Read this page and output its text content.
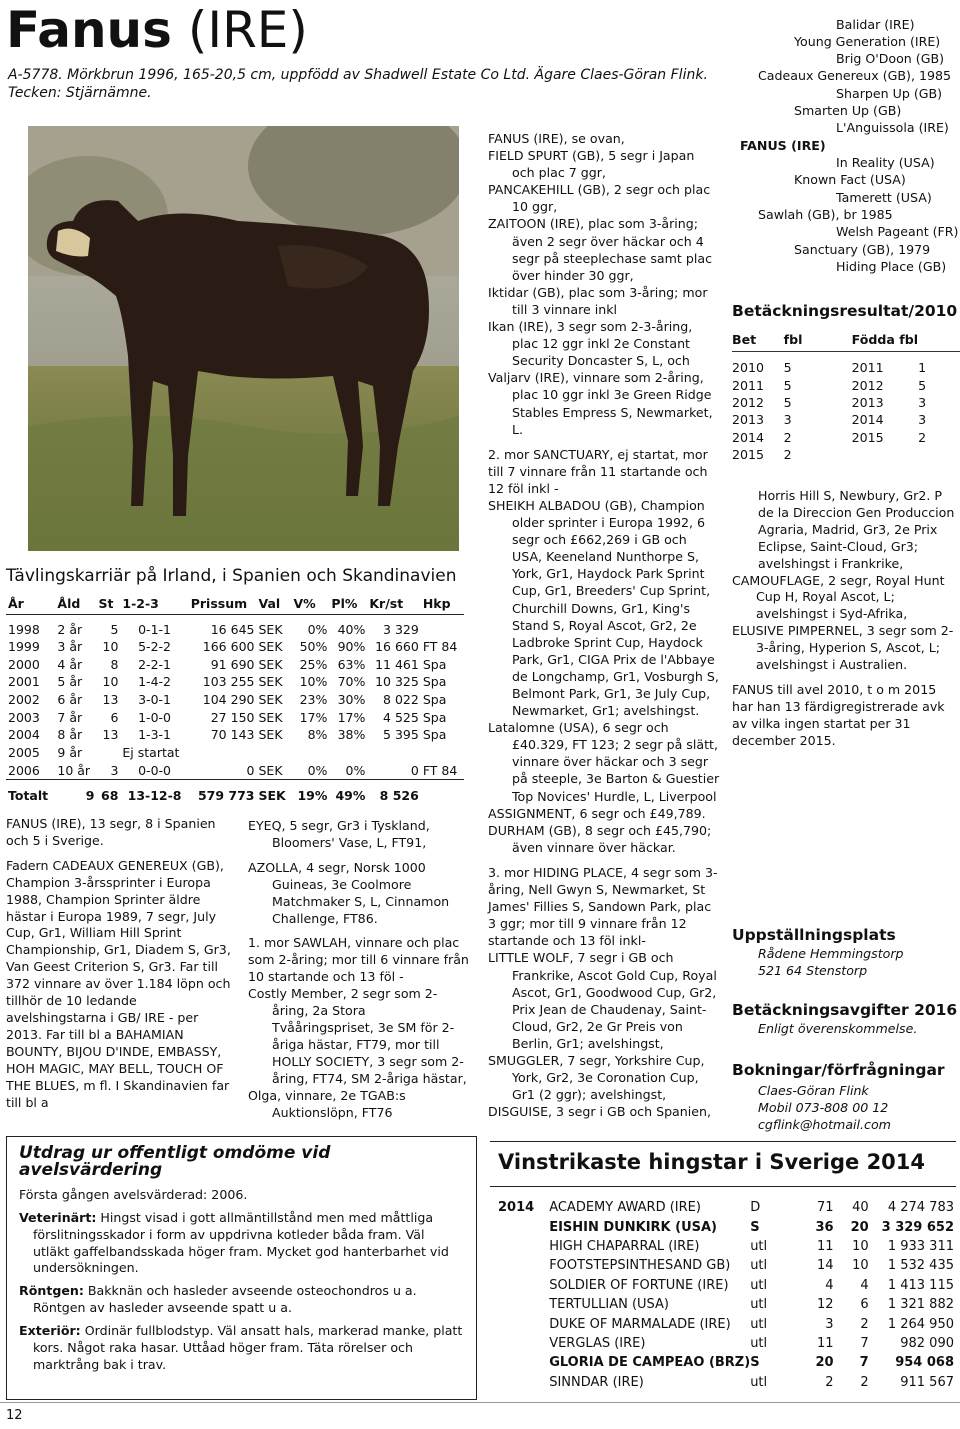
Fanus (IRE)
A-5778. Mörkbrun 1996, 165-20,5 cm, uppfödd av Shadwell Estate Co Ltd. Ägare Claes-Göran Flink. Tecken: Stjärnämne.
Tävlingskarriär på Irland, i Spanien och Skandinavien
År	Åld	St	1-2-3	Prissum	Val	V%	Pl%	Kr/st	Hkp
1998	2 år	5	0-1-1	16 645	SEK	0%	40%	3 329	
1999	3 år	10	5-2-2	166 600	SEK	50%	90%	16 660	FT 84
2000	4 år	8	2-2-1	91 690	SEK	25%	63%	11 461	Spa
2001	5 år	10	1-4-2	103 255	SEK	10%	70%	10 325	Spa
2002	6 år	13	3-0-1	104 290	SEK	23%	30%	8 022	Spa
2003	7 år	6	1-0-0	27 150	SEK	17%	17%	4 525	Spa
2004	8 år	13	1-3-1	70 143	SEK	8%	38%	5 395	Spa
2005	9 år		Ej startat						
2006	10 år	3	0-0-0	0	SEK	0%	0%	0	FT 84
Totalt	9	68	13-12-8	579 773	SEK	19%	49%	8 526	

FANUS (IRE), 13 segr, 8 i Spanien och 5 i Sverige.

Fadern CADEAUX GENEREUX (GB), Champion 3-årssprinter i Europa 1988, Champion Sprinter äldre hästar i Europa 1989, 7 segr, July Cup, Gr1, William Hill Sprint Championship, Gr1, Diadem S, Gr3, Van Geest Criterion S, Gr3. Far till 372 vinnare av över 1.184 löpn och tillhör de 10 ledande avelshingstarna i GB/ IRE - per 2013. Far till bl a BAHAMIAN BOUNTY, BIJOU D'INDE, EMBASSY, HOH MAGIC, MAY BELL, TOUCH OF THE BLUES, m fl. I Skandinavien far till bl a

EYEQ, 5 segr, Gr3 i Tyskland, Bloomers' Vase, L, FT91,

AZOLLA, 4 segr, Norsk 1000 Guineas, 3e Coolmore Matchmaker S, L, Cinnamon Challenge, FT86.

1. mor SAWLAH, vinnare och plac som 2-åring; mor till 6 vinnare från 10 startande och 13 föl -

Costly Member, 2 segr som 2-åring, 2a Stora Tvååringspriset, 3e SM för 2-åriga hästar, FT79, mor till HOLLY SOCIETY, 3 segr som 2-åring, FT74, SM 2-åriga hästar,

Olga, vinnare, 2e TGAB:s Auktionslöpn, FT76

FANUS (IRE), se ovan,

FIELD SPURT (GB), 5 segr i Japan och plac 7 ggr,

PANCAKEHILL (GB), 2 segr och plac 10 ggr,

ZAITOON (IRE), plac som 3-åring; även 2 segr över häckar och 4 segr på steeplechase samt plac över hinder 30 ggr,

Iktidar (GB), plac som 3-åring; mor till 3 vinnare inkl

Ikan (IRE), 3 segr som 2-3-åring, plac 12 ggr inkl 2e Constant Security Doncaster S, L, och

Valjarv (IRE), vinnare som 2-åring, plac 10 ggr inkl 3e Green Ridge Stables Empress S, Newmarket, L.

2. mor SANCTUARY, ej startat, mor till 7 vinnare från 11 startande och 12 föl inkl -

SHEIKH ALBADOU (GB), Champion older sprinter i Europa 1992, 6 segr och £662,269 i GB och USA, Keeneland Nunthorpe S, York, Gr1, Haydock Park Sprint Cup, Gr1, Breeders' Cup Sprint, Churchill Downs, Gr1, King's Stand S, Royal Ascot, Gr2, 2e Ladbroke Sprint Cup, Haydock Park, Gr1, CIGA Prix de l'Abbaye de Longchamp, Gr1, Vosburgh S, Belmont Park, Gr1, 3e July Cup, Newmarket, Gr1; avelshingst.

Latalomne (USA), 6 segr och £40.329, FT 123; 2 segr på slätt, vinnare över häckar och 3 segr på steeple, 3e Barton & Guestier Top Novices' Hurdle, L, Liverpool

ASSIGNMENT, 6 segr och £49,789.

DURHAM (GB), 8 segr och £45,790; även vinnare över häckar.

3. mor HIDING PLACE, 4 segr som 3-åring, Nell Gwyn S, Newmarket, St James' Fillies S, Sandown Park, plac 3 ggr; mor till 9 vinnare från 12 startande och 13 föl inkl-

LITTLE WOLF, 7 segr i GB och Frankrike, Ascot Gold Cup, Royal Ascot, Gr1, Goodwood Cup, Gr2, Prix Jean de Chaudenay, Saint-Cloud, Gr2, 2e Gr Preis von Berlin, Gr1; avelshingst,

SMUGGLER, 7 segr, Yorkshire Cup, York, Gr2, 3e Coronation Cup, Gr1 (2 ggr); avelshingst,

DISGUISE, 3 segr i GB och Spanien,

Balidar (IRE)
Young Generation (IRE)
Brig O'Doon (GB)
Cadeaux Genereux (GB), 1985
Sharpen Up (GB)
Smarten Up (GB)
L'Anguissola (IRE)
FANUS (IRE)
In Reality (USA)
Known Fact (USA)
Tamerett (USA)
Sawlah (GB), br 1985
Welsh Pageant (FR)
Sanctuary (GB), 1979
Hiding Place (GB)
Betäckningsresultat/2010
Bet	fbl	Födda fbl	

2010	5	2011	1
2011	5	2012	5
2012	5	2013	3
2013	3	2014	3
2014	2	2015	2
2015	2		

Horris Hill S, Newbury, Gr2. P de la Direccion Gen Produccion Agraria, Madrid, Gr3, 2e Prix Eclipse, Saint-Cloud, Gr3; avelshingst i Frankrike,

CAMOUFLAGE, 2 segr, Royal Hunt Cup H, Royal Ascot, L; avelshingst i Syd-Afrika,

ELUSIVE PIMPERNEL, 3 segr som 2-3-åring, Hyperion S, Ascot, L; avelshingst i Australien.

FANUS till avel 2010, t o m 2015 har han 13 färdigregistrerade avk av vilka ingen startat per 31 december 2015.

Uppställningsplats
Rådene Hemmingstorp
521 64 Stenstorp
Betäckningsavgifter 2016
Enligt överenskommelse.
Bokningar/förfrågningar
Claes-Göran Flink
Mobil 073-808 00 12
cgflink@hotmail.com
Utdrag ur offentligt omdöme vid avelsvärdering

Första gången avelsvärderad: 2006.

Veterinärt: Hingst visad i gott allmäntillstånd men med måttliga förslitningsskador i form av uppdrivna kotleder båda fram. Väl utläkt gaffelbandsskada höger fram. Mycket god hanterbarhet vid undersökningen.

Röntgen: Bakknän och hasleder avseende osteochondros u a. Röntgen av hasleder avseende spatt u a.

Exteriör: Ordinär fullblodstyp. Väl ansatt hals, markerad manke, platt kors. Något raka hasar. Uttåad höger fram. Täta rörelser och marktrång bak i trav.

Vinstrikaste hingstar i Sverige 2014
2014	ACADEMY AWARD (IRE)	D	71	40	4 274 783
	EISHIN DUNKIRK (USA)	S	36	20	3 329 652
	HIGH CHAPARRAL (IRE)	utl	11	10	1 933 311
	FOOTSTEPSINTHESAND GB)	utl	14	10	1 532 435
	SOLDIER OF FORTUNE (IRE)	utl	4	4	1 413 115
	TERTULLIAN (USA)	utl	12	6	1 321 882
	DUKE OF MARMALADE (IRE)	utl	3	2	1 264 950
	VERGLAS (IRE)	utl	11	7	982 090
	GLORIA DE CAMPEAO (BRZ)	S	20	7	954 068
	SINNDAR (IRE)	utl	2	2	911 567
12
